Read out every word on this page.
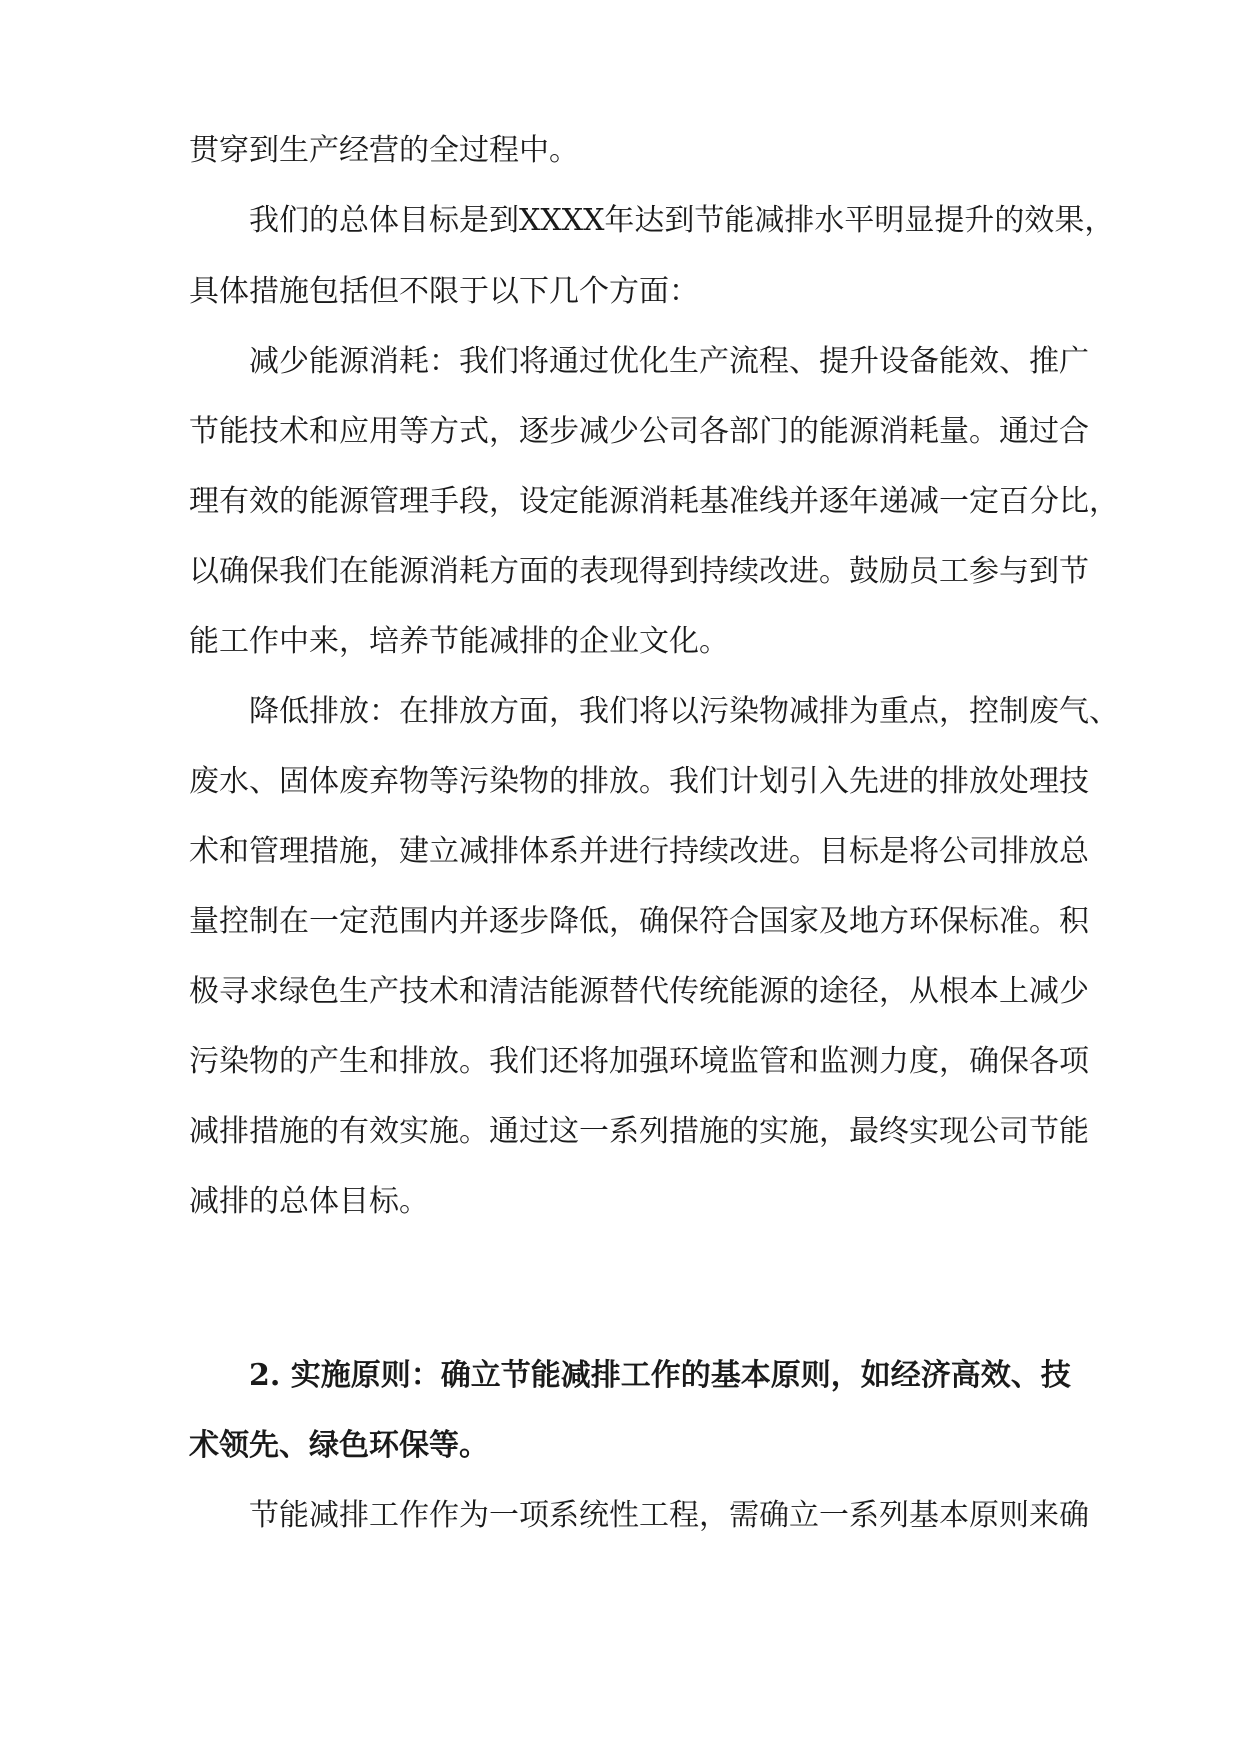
贯穿到生产经营的全过程中。
我们的总体目标是到XXXX年达到节能减排水平明显提升的效果，
具体措施包括但不限于以下几个方面：
减少能源消耗：我们将通过优化生产流程、提升设备能效、推广
节能技术和应用等方式，逐步减少公司各部门的能源消耗量。通过合
理有效的能源管理手段，设定能源消耗基准线并逐年递减一定百分比，
以确保我们在能源消耗方面的表现得到持续改进。鼓励员工参与到节
能工作中来，培养节能减排的企业文化。
降低排放：在排放方面，我们将以污染物减排为重点，控制废气、
废水、固体废弃物等污染物的排放。我们计划引入先进的排放处理技
术和管理措施，建立减排体系并进行持续改进。目标是将公司排放总
量控制在一定范围内并逐步降低，确保符合国家及地方环保标准。积
极寻求绿色生产技术和清洁能源替代传统能源的途径，从根本上减少
污染物的产生和排放。我们还将加强环境监管和监测力度，确保各项
减排措施的有效实施。通过这一系列措施的实施，最终实现公司节能
减排的总体目标。
2. 实施原则：确立节能减排工作的基本原则，如经济高效、技
术领先、绿色环保等。
节能减排工作作为一项系统性工程，需确立一系列基本原则来确
